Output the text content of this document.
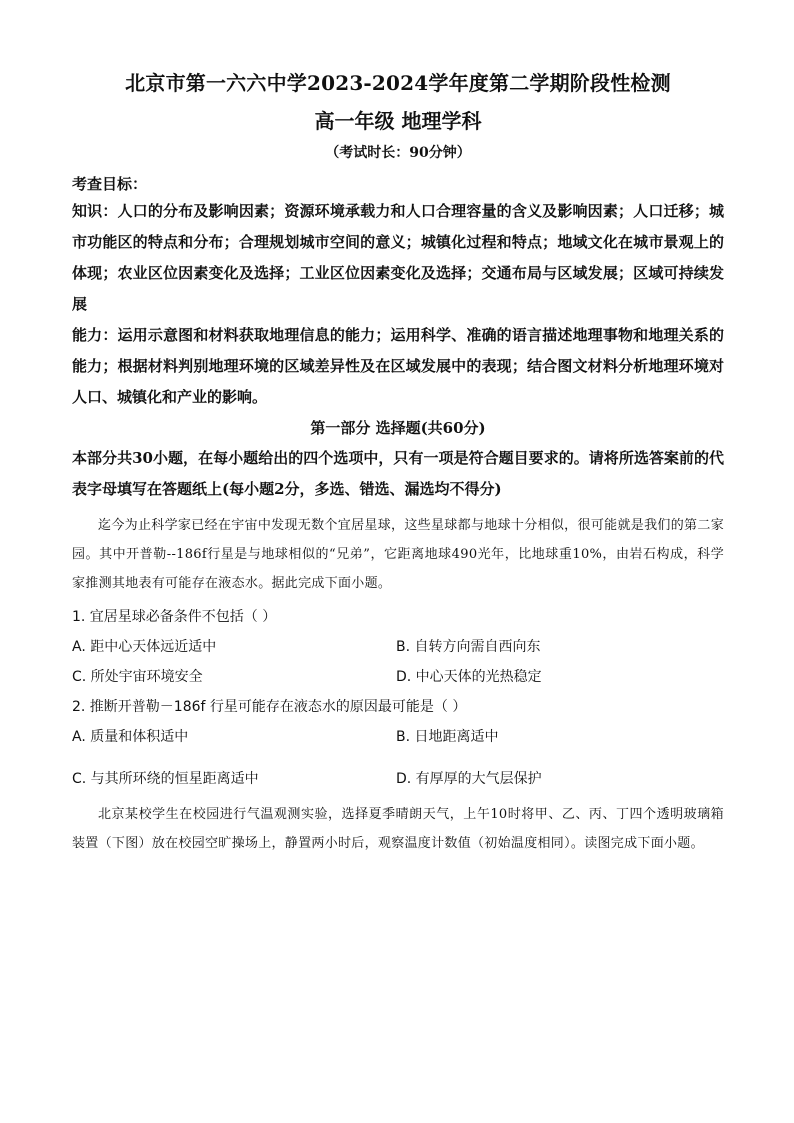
北京市第一六六中学2023-2024学年度第二学期阶段性检测
高一年级 地理学科
（考试时长：90分钟）
考查目标：

知识：人口的分布及影响因素；资源环境承载力和人口合理容量的含义及影响因素；人口迁移；城市功能区的特点和分布；合理规划城市空间的意义；城镇化过程和特点；地域文化在城市景观上的体现；农业区位因素变化及选择；工业区位因素变化及选择；交通布局与区域发展；区域可持续发展

能力：运用示意图和材料获取地理信息的能力；运用科学、准确的语言描述地理事物和地理关系的能力；根据材料判别地理环境的区域差异性及在区域发展中的表现；结合图文材料分析地理环境对人口、城镇化和产业的影响。

第一部分 选择题(共60分)

本部分共30小题，在每小题给出的四个选项中，只有一项是符合题目要求的。请将所选答案前的代表字母填写在答题纸上(每小题2分，多选、错选、漏选均不得分)

迄今为止科学家已经在宇宙中发现无数个宜居星球，这些星球都与地球十分相似，很可能就是我们的第二家园。其中开普勒--186f行星是与地球相似的“兄弟”，它距离地球490光年，比地球重10%，由岩石构成，科学家推测其地表有可能存在液态水。据此完成下面小题。

1. 宜居星球必备条件不包括（ ）
A. 距中心天体远近适中	B. 自转方向需自西向东
C. 所处宇宙环境安全	D. 中心天体的光热稳定
2. 推断开普勒－186f 行星可能存在液态水的原因最可能是（ ）
A. 质量和体积适中	B. 日地距离适中
C. 与其所环绕的恒星距离适中	D. 有厚厚的大气层保护

北京某校学生在校园进行气温观测实验，选择夏季晴朗天气，上午10时将甲、乙、丙、丁四个透明玻璃箱装置（下图）放在校园空旷操场上，静置两小时后，观察温度计数值（初始温度相同）。读图完成下面小题。
